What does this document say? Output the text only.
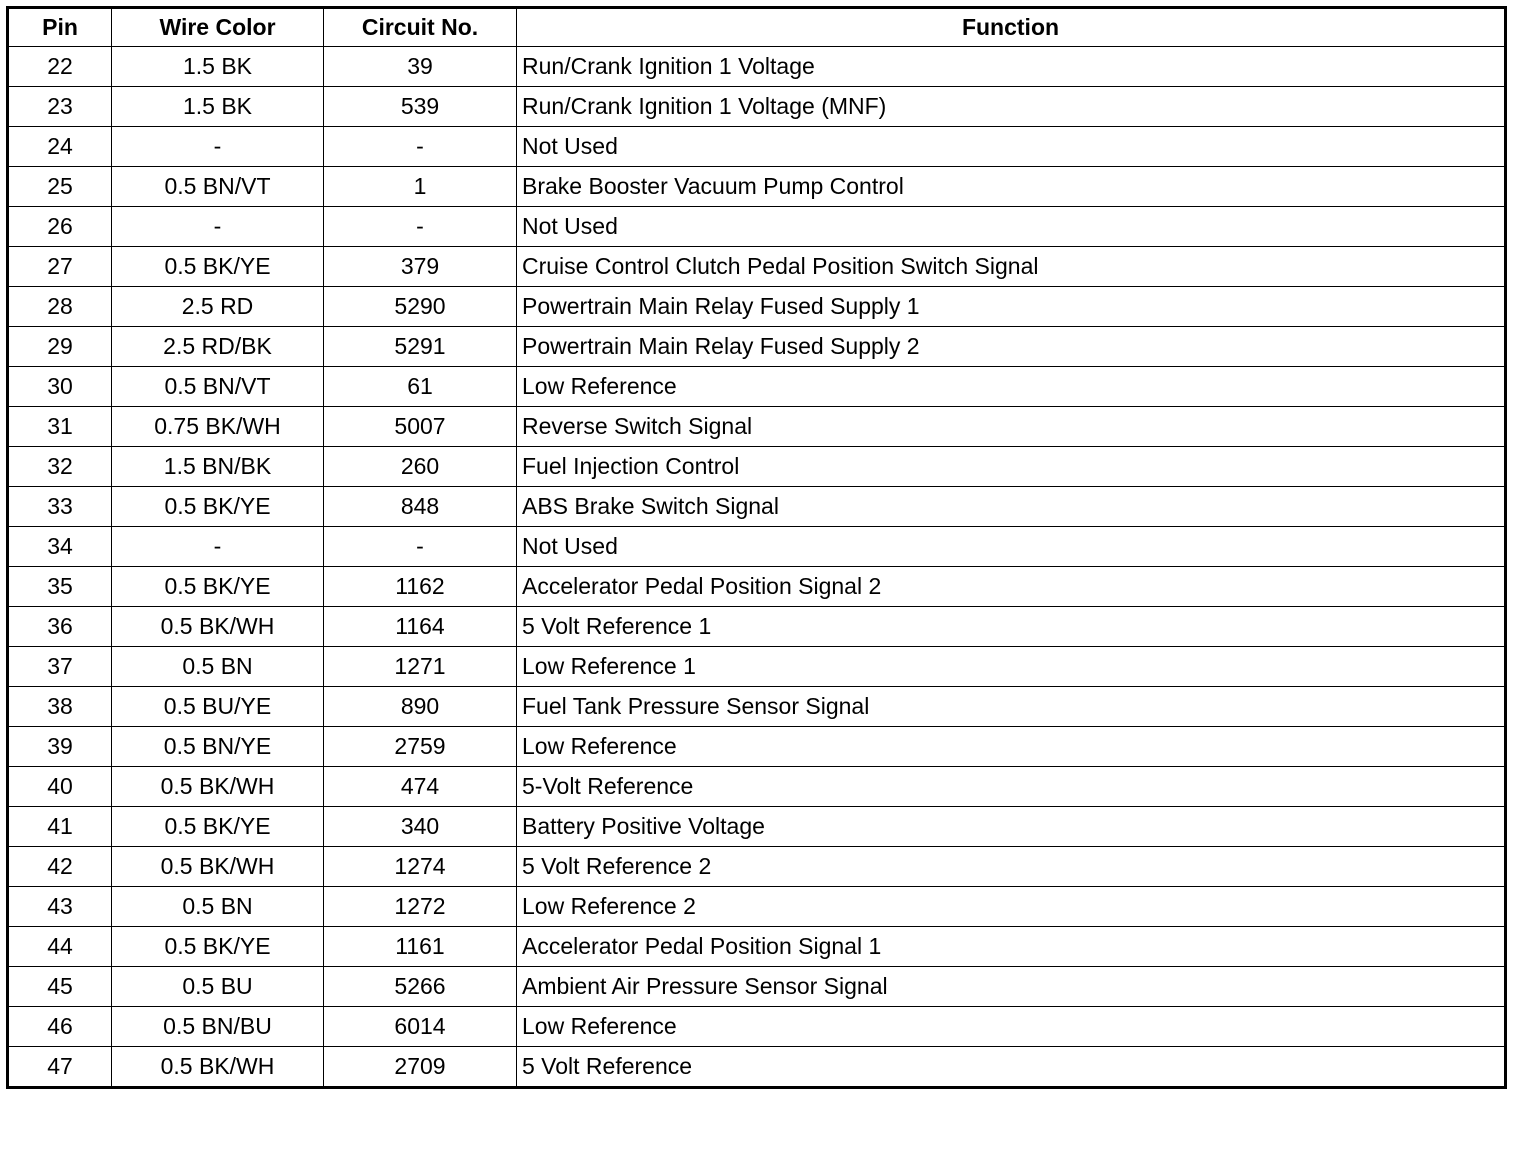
Pin	Wire Color	Circuit No.	Function
22	1.5 BK	39	Run/Crank Ignition 1 Voltage
23	1.5 BK	539	Run/Crank Ignition 1 Voltage (MNF)
24	-	-	Not Used
25	0.5 BN/VT	1	Brake Booster Vacuum Pump Control
26	-	-	Not Used
27	0.5 BK/YE	379	Cruise Control Clutch Pedal Position Switch Signal
28	2.5 RD	5290	Powertrain Main Relay Fused Supply 1
29	2.5 RD/BK	5291	Powertrain Main Relay Fused Supply 2
30	0.5 BN/VT	61	Low Reference
31	0.75 BK/WH	5007	Reverse Switch Signal
32	1.5 BN/BK	260	Fuel Injection Control
33	0.5 BK/YE	848	ABS Brake Switch Signal
34	-	-	Not Used
35	0.5 BK/YE	1162	Accelerator Pedal Position Signal 2
36	0.5 BK/WH	1164	5 Volt Reference 1
37	0.5 BN	1271	Low Reference 1
38	0.5 BU/YE	890	Fuel Tank Pressure Sensor Signal
39	0.5 BN/YE	2759	Low Reference
40	0.5 BK/WH	474	5-Volt Reference
41	0.5 BK/YE	340	Battery Positive Voltage
42	0.5 BK/WH	1274	5 Volt Reference 2
43	0.5 BN	1272	Low Reference 2
44	0.5 BK/YE	1161	Accelerator Pedal Position Signal 1
45	0.5 BU	5266	Ambient Air Pressure Sensor Signal
46	0.5 BN/BU	6014	Low Reference
47	0.5 BK/WH	2709	5 Volt Reference
